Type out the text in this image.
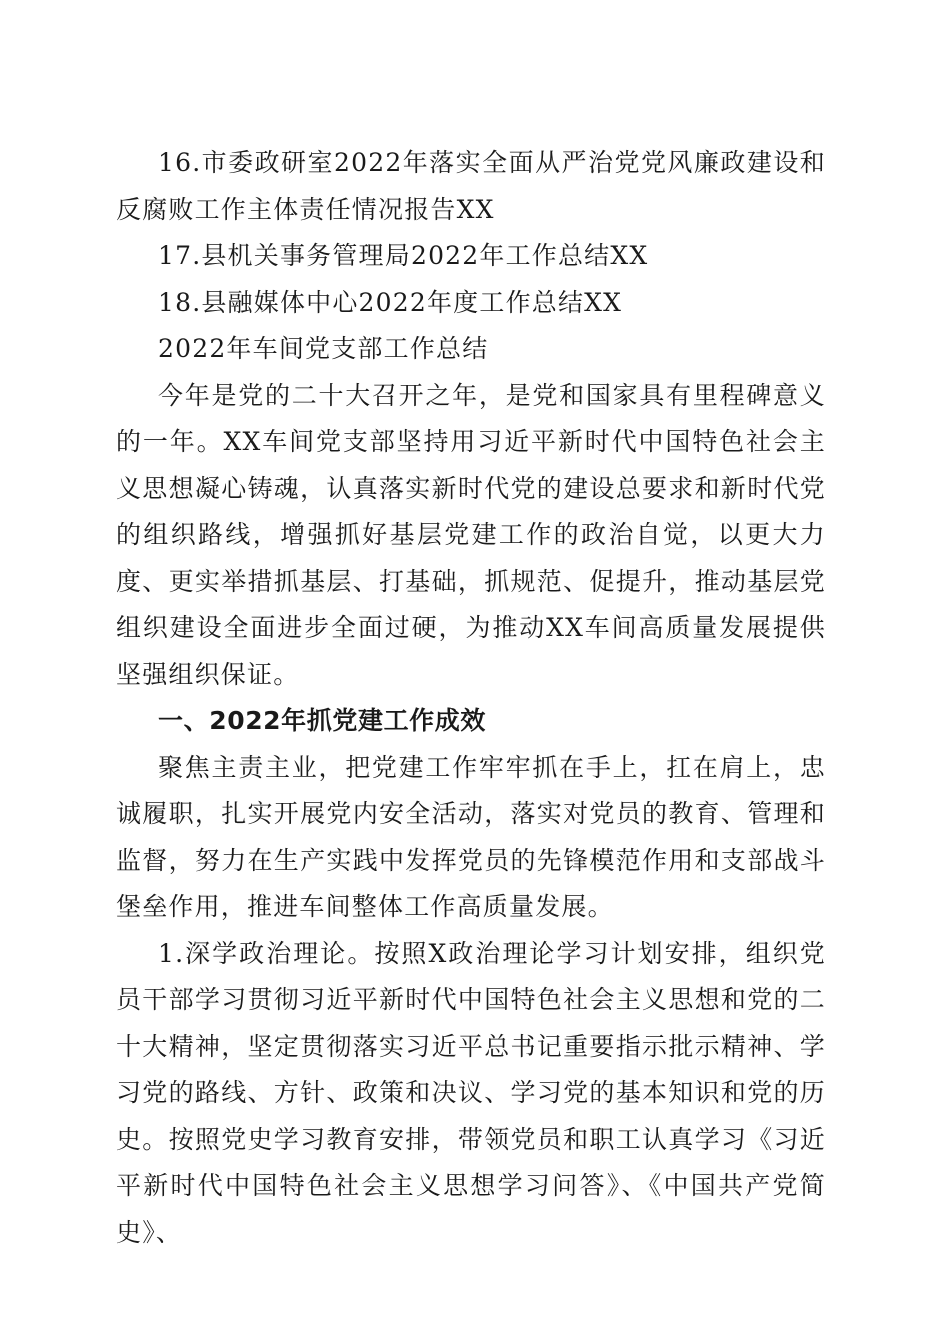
16.市委政研室2022年落实全面从严治党党风廉政建设和反腐败工作主体责任情况报告XX

17.县机关事务管理局2022年工作总结XX

18.县融媒体中心2022年度工作总结XX

2022年车间党支部工作总结

今年是党的二十大召开之年，是党和国家具有里程碑意义的一年。XX车间党支部坚持用习近平新时代中国特色社会主义思想凝心铸魂，认真落实新时代党的建设总要求和新时代党的组织路线，增强抓好基层党建工作的政治自觉，以更大力度、更实举措抓基层、打基础，抓规范、促提升，推动基层党组织建设全面进步全面过硬，为推动XX车间高质量发展提供坚强组织保证。

一、2022年抓党建工作成效

聚焦主责主业，把党建工作牢牢抓在手上，扛在肩上，忠诚履职，扎实开展党内安全活动，落实对党员的教育、管理和监督，努力在生产实践中发挥党员的先锋模范作用和支部战斗堡垒作用，推进车间整体工作高质量发展。

1.深学政治理论。按照X政治理论学习计划安排，组织党员干部学习贯彻习近平新时代中国特色社会主义思想和党的二十大精神，坚定贯彻落实习近平总书记重要指示批示精神、学习党的路线、方针、政策和决议、学习党的基本知识和党的历史。按照党史学习教育安排，带领党员和职工认真学习《习近平新时代中国特色社会主义思想学习问答》、《中国共产党简史》、
